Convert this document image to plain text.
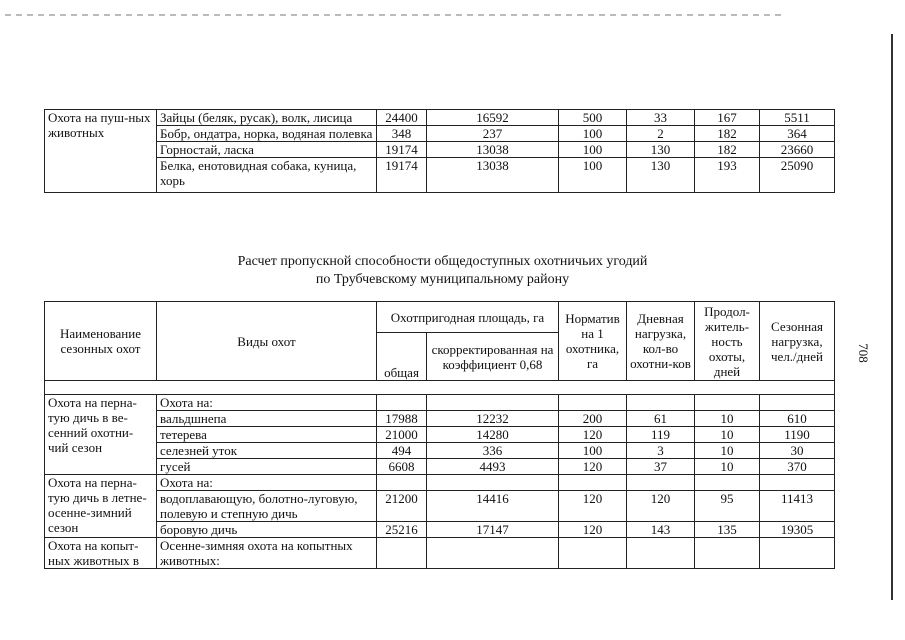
Охота на пуш-ных животных	Зайцы (беляк, русак), волк, лисица	24400	16592	500	33	167	5511
	Бобр, ондатра, норка, водяная полевка	348	237	100	2	182	364
	Горностай, ласка	19174	13038	100	130	182	23660
	Белка, енотовидная собака, куница, хорь	19174	13038	100	130	193	25090
Расчет пропускной способности общедоступных охотничьих угодий
по Трубчевскому муниципальному району
708
Наименование сезонных охот	Виды охот	Охотпригодная площадь, га		Норматив на 1 охотника, га	Дневная нагрузка, кол-во охотни-ков	Продол-житель-ность охоты, дней	Сезонная нагрузка, чел./дней
		общая	скорректированная на коэффициент 0,68				

Охота на перна-тую дичь в ве-сенний охотни-чий сезон	Охота на:						
	вальдшнепа	17988	12232	200	61	10	610
	тетерева	21000	14280	120	119	10	1190
	селезней уток	494	336	100	3	10	30
	гусей	6608	4493	120	37	10	370
Охота на перна-тую дичь в летне- осенне-зимний сезон	Охота на:						
	водоплавающую, болотно-луговую, полевую и степную дичь	21200	14416	120	120	95	11413
	боровую дичь	25216	17147	120	143	135	19305
Охота на копыт-ных животных в	Осенне-зимняя охота на копытных животных:						
